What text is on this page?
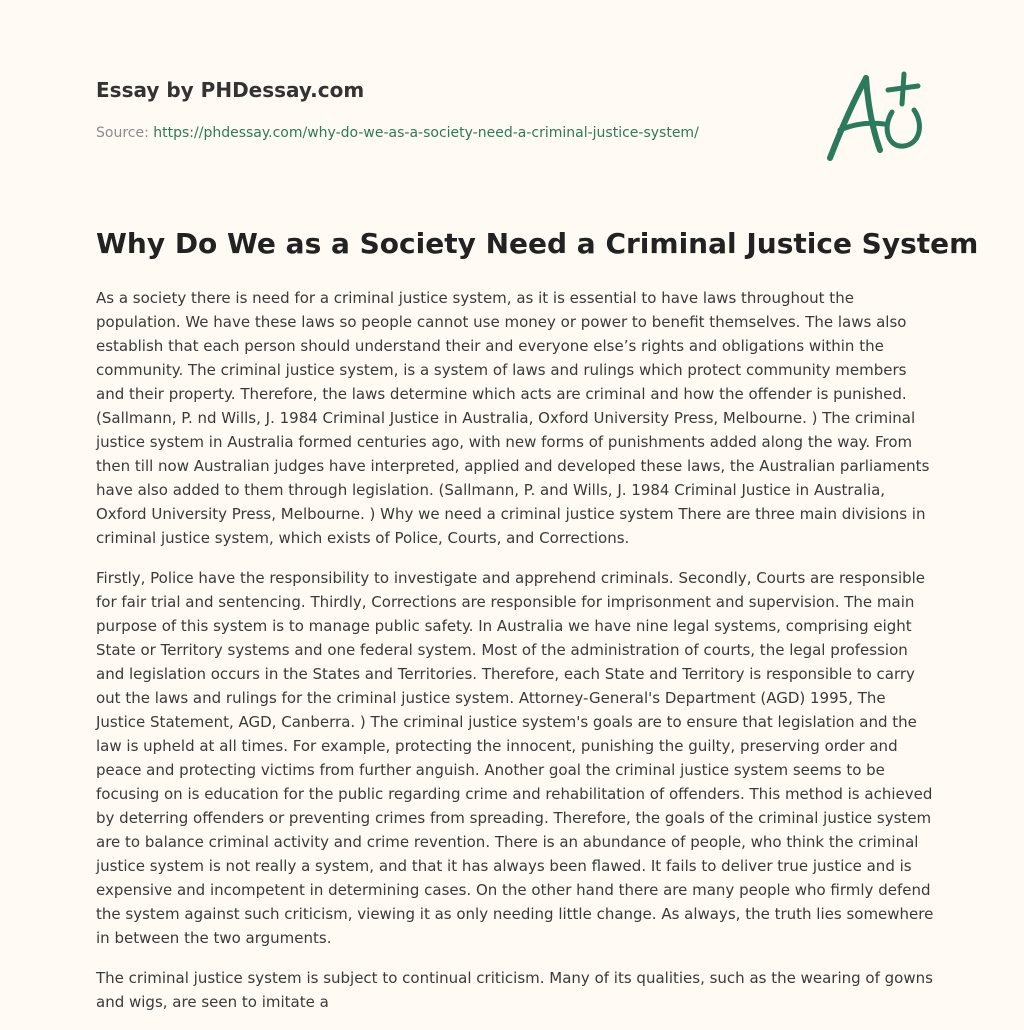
Essay by PHDessay.com
Source: https://phdessay.com/why-do-we-as-a-society-need-a-criminal-justice-system/
Why Do We as a Society Need a Criminal Justice System

As a society there is need for a criminal justice system, as it is essential to have laws throughout the population. We have these laws so people cannot use money or power to benefit themselves. The laws also establish that each person should understand their and everyone else’s rights and obligations within the community. The criminal justice system, is a system of laws and rulings which protect community members and their property. Therefore, the laws determine which acts are criminal and how the offender is punished. (Sallmann, P. nd Wills, J. 1984 Criminal Justice in Australia, Oxford University Press, Melbourne. ) The criminal justice system in Australia formed centuries ago, with new forms of punishments added along the way. From then till now Australian judges have interpreted, applied and developed these laws, the Australian parliaments have also added to them through legislation. (Sallmann, P. and Wills, J. 1984 Criminal Justice in Australia, Oxford University Press, Melbourne. ) Why we need a criminal justice system There are three main divisions in criminal justice system, which exists of Police, Courts, and Corrections.

Firstly, Police have the responsibility to investigate and apprehend criminals. Secondly, Courts are responsible for fair trial and sentencing. Thirdly, Corrections are responsible for imprisonment and supervision. The main purpose of this system is to manage public safety. In Australia we have nine legal systems, comprising eight State or Territory systems and one federal system. Most of the administration of courts, the legal profession and legislation occurs in the States and Territories. Therefore, each State and Territory is responsible to carry out the laws and rulings for the criminal justice system. Attorney-General's Department (AGD) 1995, The Justice Statement, AGD, Canberra. ) The criminal justice system's goals are to ensure that legislation and the law is upheld at all times. For example, protecting the innocent, punishing the guilty, preserving order and peace and protecting victims from further anguish. Another goal the criminal justice system seems to be focusing on is education for the public regarding crime and rehabilitation of offenders. This method is achieved by deterring offenders or preventing crimes from spreading. Therefore, the goals of the criminal justice system are to balance criminal activity and crime revention. There is an abundance of people, who think the criminal justice system is not really a system, and that it has always been flawed. It fails to deliver true justice and is expensive and incompetent in determining cases. On the other hand there are many people who firmly defend the system against such criticism, viewing it as only needing little change. As always, the truth lies somewhere in between the two arguments.

The criminal justice system is subject to continual criticism. Many of its qualities, such as the wearing of gowns and wigs, are seen to imitate a
